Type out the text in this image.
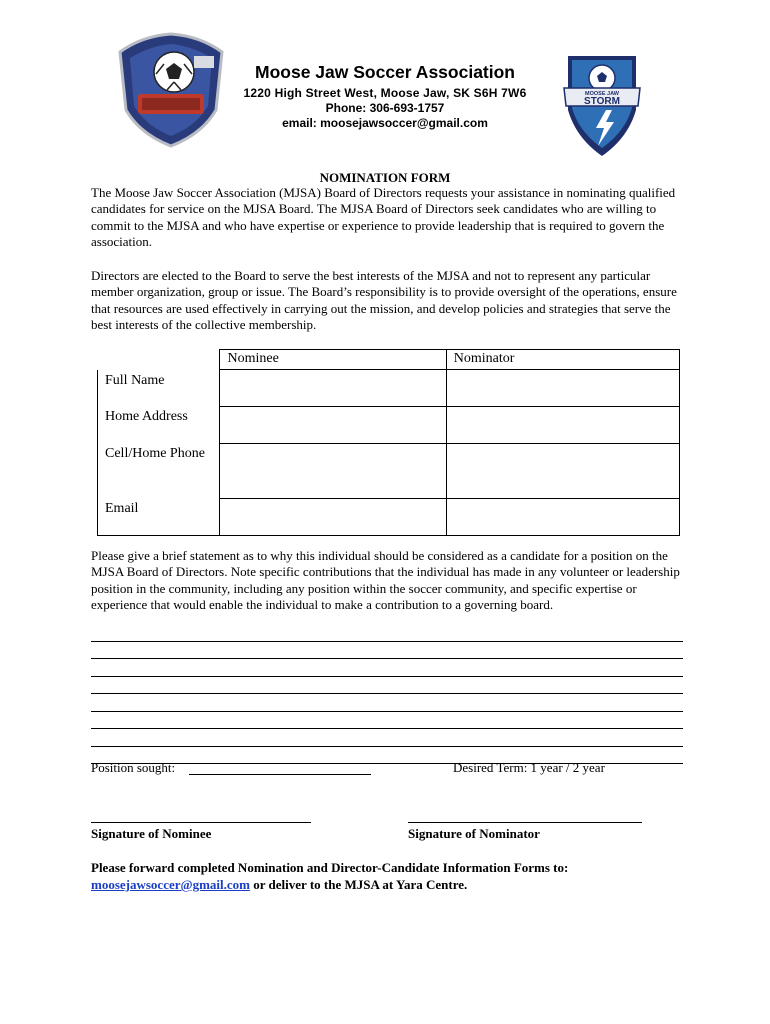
MOOSE JAW
STORM
Moose Jaw Soccer Association
1220 High Street West, Moose Jaw, SK S6H 7W6
Phone: 306-693-1757
email: moosejawsoccer@gmail.com
NOMINATION FORM

The Moose Jaw Soccer Association (MJSA) Board of Directors requests your assistance in nominating qualified candidates for service on the MJSA Board. The MJSA Board of Directors seek candidates who are willing to commit to the MJSA and who have expertise or experience to provide leadership that is required to govern the association.

Directors are elected to the Board to serve the best interests of the MJSA and not to represent any particular member organization, group or issue. The Board’s responsibility is to provide oversight of the operations, ensure that resources are used effectively in carrying out the mission, and develop policies and strategies that serve the best interests of the collective membership.

	Nominee	Nominator
Full Name		
Home Address		
Cell/Home Phone		
Email		

Please give a brief statement as to why this individual should be considered as a candidate for a position on the MJSA Board of Directors. Note specific contributions that the individual has made in any volunteer or leadership position in the community, including any position within the soccer community, and specific expertise or experience that would enable the individual to make a contribution to a governing board.

Position sought:	Desired Term: 1 year / 2 year
Signature of Nominee	Signature of Nominator
Please forward completed Nomination and Director-Candidate Information Forms to:
moosejawsoccer@gmail.com or deliver to the MJSA at Yara Centre.
